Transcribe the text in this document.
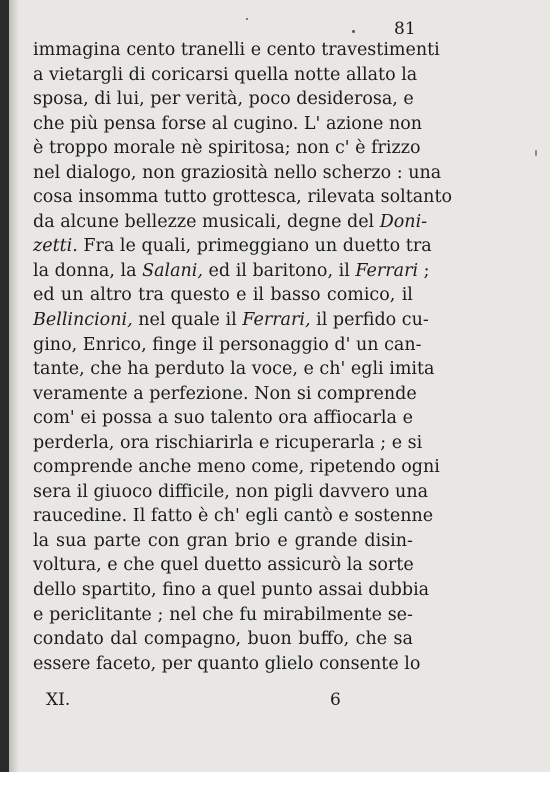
81
immagina cento tranelli e cento travestimenti
a vietargli di coricarsi quella notte allato la
sposa, di lui, per verità, poco desiderosa, e
che più pensa forse al cugino. L' azione non
è troppo morale nè spiritosa; non c' è frizzo
nel dialogo, non graziosità nello scherzo : una
cosa insomma tutto grottesca, rilevata soltanto
da alcune bellezze musicali, degne del Doni-
zetti. Fra le quali, primeggiano un duetto tra
la donna, la Salani, ed il baritono, il Ferrari ;
ed un altro tra questo e il basso comico, il
Bellincioni, nel quale il Ferrari, il perfido cu-
gino, Enrico, finge il personaggio d' un can-
tante, che ha perduto la voce, e ch' egli imita
veramente a perfezione. Non si comprende
com' ei possa a suo talento ora affiocarla e
perderla, ora rischiarirla e ricuperarla ; e si
comprende anche meno come, ripetendo ogni
sera il giuoco difficile, non pigli davvero una
raucedine. Il fatto è ch' egli cantò e sostenne
la sua parte con gran brio e grande disin-
voltura, e che quel duetto assicurò la sorte
dello spartito, fino a quel punto assai dubbia
e periclitante ; nel che fu mirabilmente se-
condato dal compagno, buon buffo, che sa
essere faceto, per quanto glielo consente lo
XI.	6
